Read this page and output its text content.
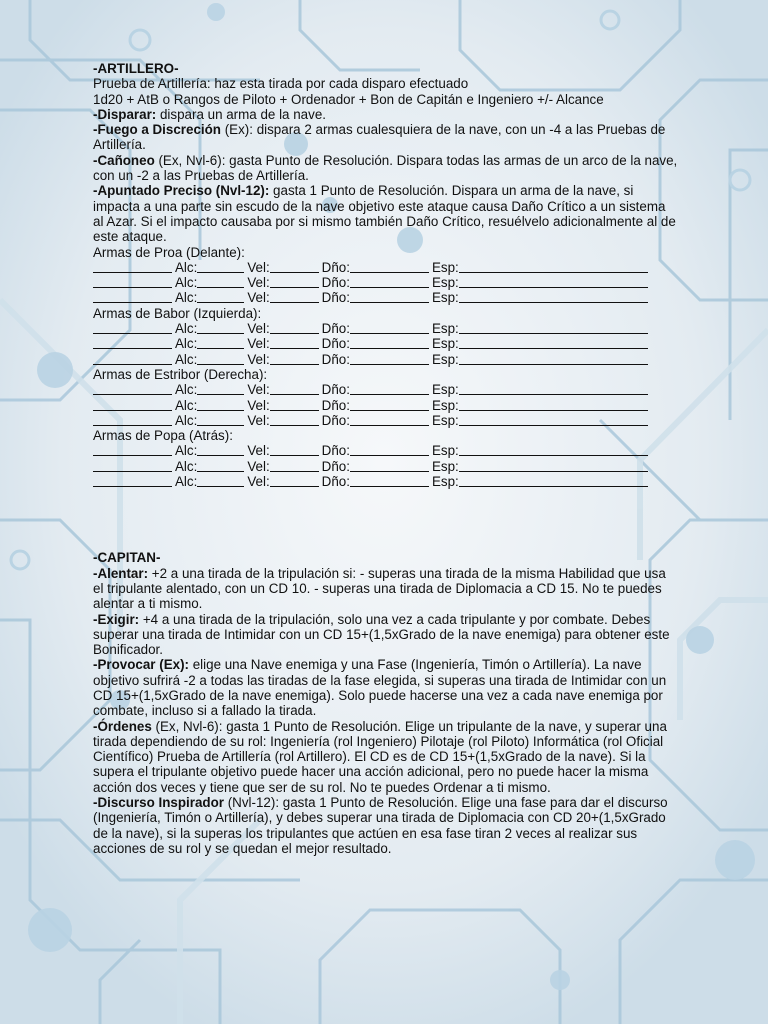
-ARTILLERO-

Prueba de Artillería: haz esta tirada por cada disparo efectuado

1d20 + AtB o Rangos de Piloto + Ordenador + Bon de Capitán e Ingeniero +/- Alcance

-Disparar: dispara un arma de la nave.

-Fuego a Discreción (Ex): dispara 2 armas cualesquiera de la nave, con un -4 a las Pruebas de Artillería.

-Cañoneo (Ex, Nvl-6): gasta Punto de Resolución. Dispara todas las armas de un arco de la nave, con un -2 a las Pruebas de Artillería.

-Apuntado Preciso (Nvl-12): gasta 1 Punto de Resolución. Dispara un arma de la nave, si impacta a una parte sin escudo de la nave objetivo este ataque causa Daño Crítico a un sistema al Azar. Si el impacto causaba por si mismo también Daño Crítico, resuélvelo adicionalmente al de este ataque.

Armas de Proa (Delante):

Alc:	Vel:	Dño:	Esp:
Alc:	Vel:	Dño:	Esp:
Alc:	Vel:	Dño:	Esp:

Armas de Babor (Izquierda):

Alc:	Vel:	Dño:	Esp:
Alc:	Vel:	Dño:	Esp:
Alc:	Vel:	Dño:	Esp:

Armas de Estribor (Derecha):

Alc:	Vel:	Dño:	Esp:
Alc:	Vel:	Dño:	Esp:
Alc:	Vel:	Dño:	Esp:

Armas de Popa (Atrás):

Alc:	Vel:	Dño:	Esp:
Alc:	Vel:	Dño:	Esp:
Alc:	Vel:	Dño:	Esp:

-CAPITAN-

-Alentar: +2 a una tirada de la tripulación si: - superas una tirada de la misma Habilidad que usa el tripulante alentado, con un CD 10. - superas una tirada de Diplomacia a CD 15. No te puedes alentar a ti mismo.

-Exigir: +4 a una tirada de la tripulación, solo una vez a cada tripulante y por combate. Debes superar una tirada de Intimidar con un CD 15+(1,5xGrado de la nave enemiga) para obtener este Bonificador.

-Provocar (Ex): elige una Nave enemiga y una Fase (Ingeniería, Timón o Artillería). La nave objetivo sufrirá -2 a todas las tiradas de la fase elegida, si superas una tirada de Intimidar con un CD 15+(1,5xGrado de la nave enemiga). Solo puede hacerse una vez a cada nave enemiga por combate, incluso si a fallado la tirada.

-Órdenes (Ex, Nvl-6): gasta 1 Punto de Resolución. Elige un tripulante de la nave, y superar una tirada dependiendo de su rol: Ingeniería (rol Ingeniero) Pilotaje (rol Piloto) Informática (rol Oficial Científico) Prueba de Artillería (rol Artillero). El CD es de CD 15+(1,5xGrado de la nave). Si la supera el tripulante objetivo puede hacer una acción adicional, pero no puede hacer la misma acción dos veces y tiene que ser de su rol. No te puedes Ordenar a ti mismo.

-Discurso Inspirador (Nvl-12): gasta 1 Punto de Resolución. Elige una fase para dar el discurso (Ingeniería, Timón o Artillería), y debes superar una tirada de Diplomacia con CD 20+(1,5xGrado de la nave), si la superas los tripulantes que actúen en esa fase tiran 2 veces al realizar sus acciones de su rol y se quedan el mejor resultado.
